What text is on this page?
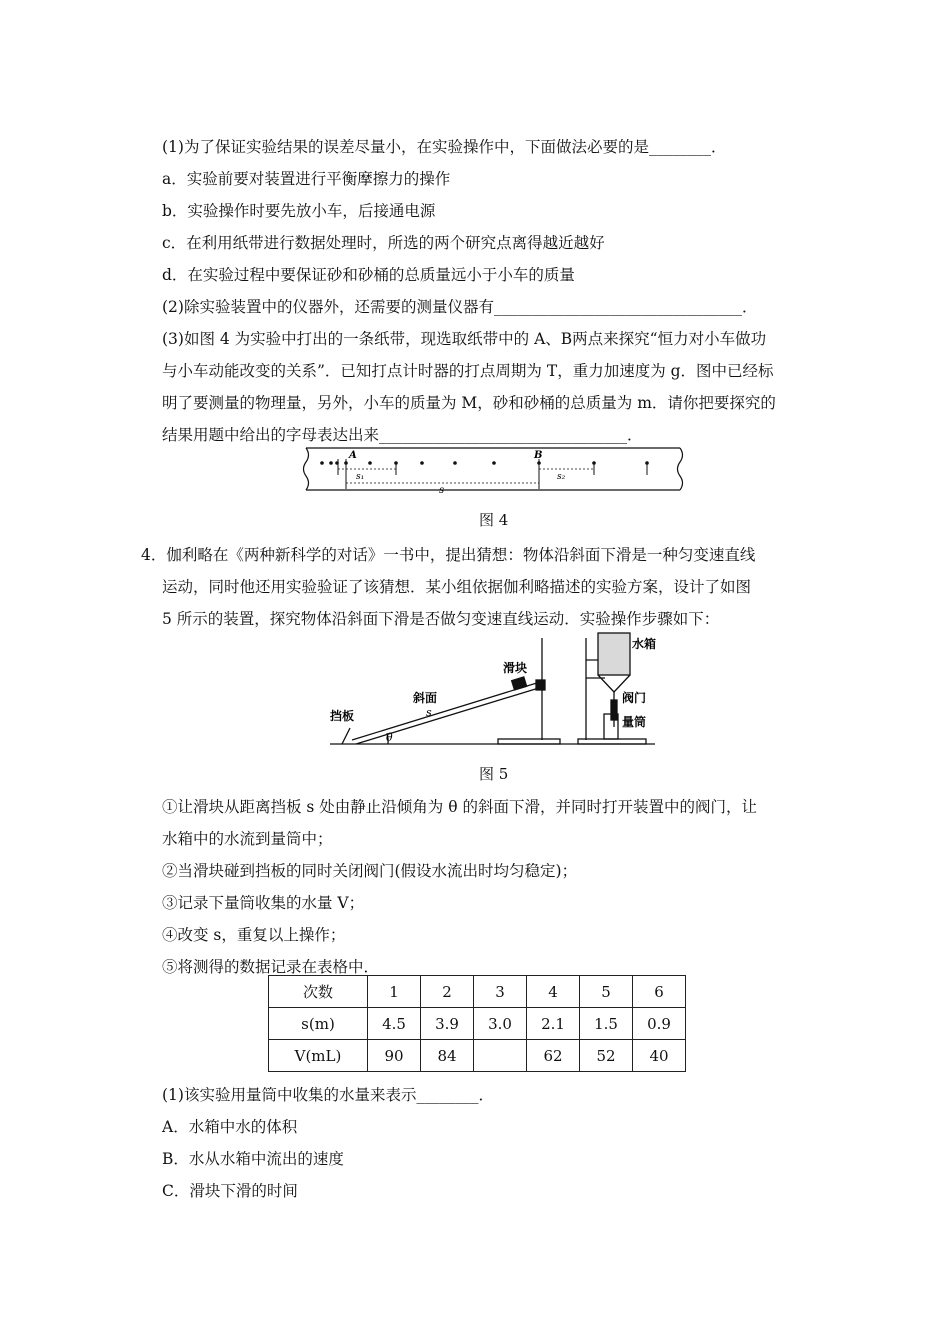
(1)为了保证实验结果的误差尽量小，在实验操作中，下面做法必要的是________．
a．实验前要对装置进行平衡摩擦力的操作
b．实验操作时要先放小车，后接通电源
c．在利用纸带进行数据处理时，所选的两个研究点离得越近越好
d．在实验过程中要保证砂和砂桶的总质量远小于小车的质量
(2)除实验装置中的仪器外，还需要的测量仪器有________________________________．
(3)如图 4 为实验中打出的一条纸带，现选取纸带中的 A、B两点来探究“恒力对小车做功
与小车动能改变的关系”．已知打点计时器的打点周期为 T，重力加速度为 g．图中已经标
明了要测量的物理量，另外，小车的质量为 M，砂和砂桶的总质量为 m．请你把要探究的
结果用题中给出的字母表达出来________________________________．
A	B
s₁	s₂
s
图 4
4．伽利略在《两种新科学的对话》一书中，提出猜想：物体沿斜面下滑是一种匀变速直线
运动，同时他还用实验验证了该猜想．某小组依据伽利略描述的实验方案，设计了如图
5 所示的装置，探究物体沿斜面下滑是否做匀变速直线运动．实验操作步骤如下：
滑块
斜面
s
挡板
θ
水箱
阀门
量筒
图 5
①让滑块从距离挡板 s 处由静止沿倾角为 θ 的斜面下滑，并同时打开装置中的阀门，让
水箱中的水流到量筒中；
②当滑块碰到挡板的同时关闭阀门(假设水流出时均匀稳定)；
③记录下量筒收集的水量 V；
④改变 s，重复以上操作；
⑤将测得的数据记录在表格中．
次数	1	2	3	4	5	6
s(m)	4.5	3.9	3.0	2.1	1.5	0.9
V(mL)	90	84		62	52	40
(1)该实验用量筒中收集的水量来表示________．
A．水箱中水的体积
B．水从水箱中流出的速度
C．滑块下滑的时间
